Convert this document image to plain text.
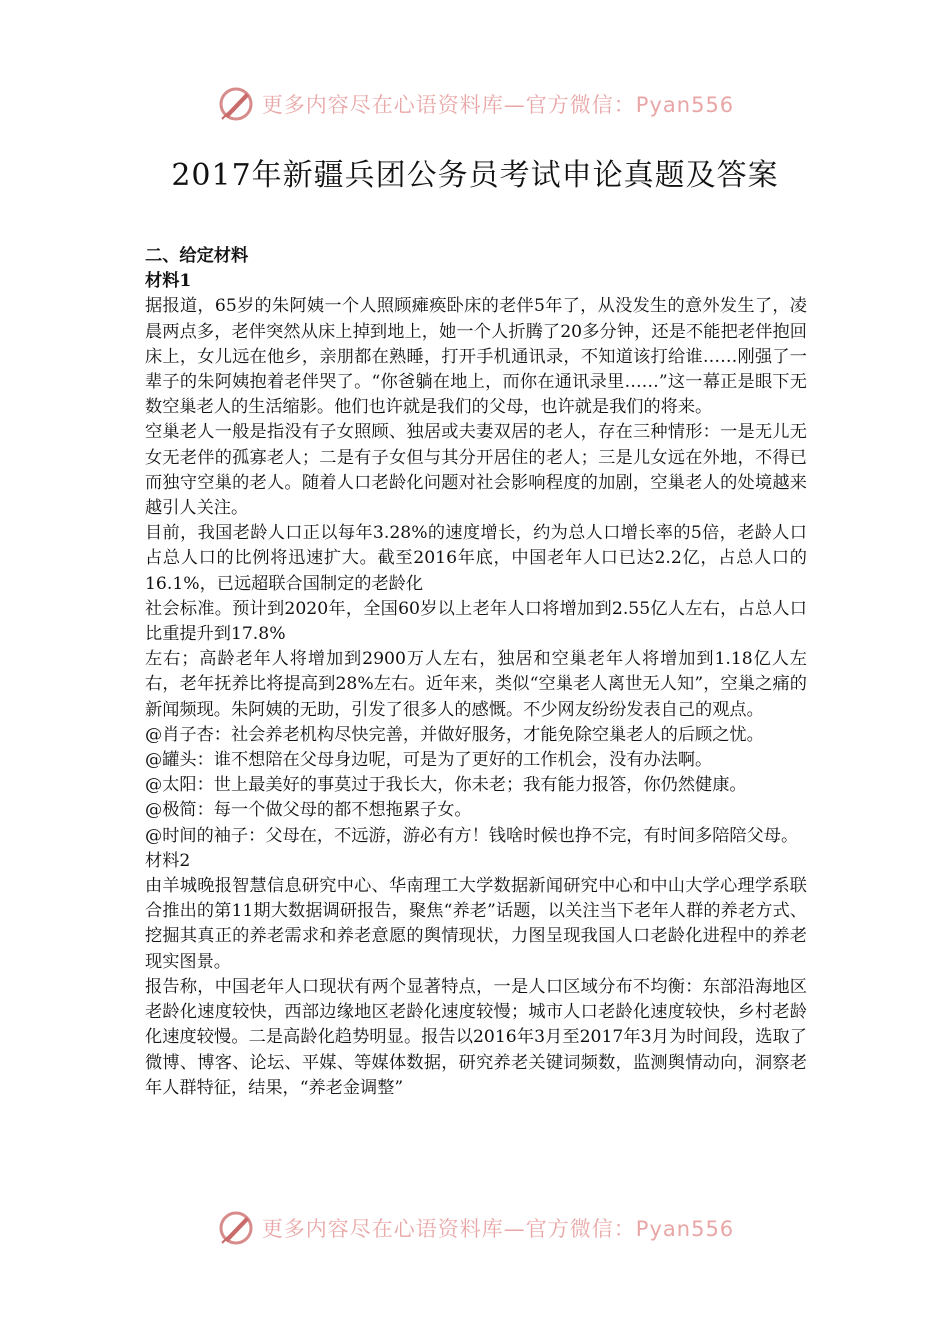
更多内容尽在心语资料库—官方微信：Pyan556
2017年新疆兵团公务员考试申论真题及答案

二、给定材料

材料1

据报道，65岁的朱阿姨一个人照顾瘫痪卧床的老伴5年了，从没发生的意外发生了，凌晨两点多，老伴突然从床上掉到地上，她一个人折腾了20多分钟，还是不能把老伴抱回床上，女儿远在他乡，亲朋都在熟睡，打开手机通讯录，不知道该打给谁……刚强了一辈子的朱阿姨抱着老伴哭了。“你爸躺在地上，而你在通讯录里……”这一幕正是眼下无数空巢老人的生活缩影。他们也许就是我们的父母，也许就是我们的将来。

空巢老人一般是指没有子女照顾、独居或夫妻双居的老人，存在三种情形：一是无儿无女无老伴的孤寡老人；二是有子女但与其分开居住的老人；三是儿女远在外地，不得已而独守空巢的老人。随着人口老龄化问题对社会影响程度的加剧，空巢老人的处境越来越引人关注。

目前，我国老龄人口正以每年3.28%的速度增长，约为总人口增长率的5倍，老龄人口占总人口的比例将迅速扩大。截至2016年底，中国老年人口已达2.2亿，占总人口的16.1%，已远超联合国制定的老龄化

社会标准。预计到2020年，全国60岁以上老年人口将增加到2.55亿人左右，占总人口比重提升到17.8%

左右；高龄老年人将增加到2900万人左右，独居和空巢老年人将增加到1.18亿人左右，老年抚养比将提高到28%左右。近年来，类似“空巢老人离世无人知”，空巢之痛的新闻频现。朱阿姨的无助，引发了很多人的感慨。不少网友纷纷发表自己的观点。

@肖子杏：社会养老机构尽快完善，并做好服务，才能免除空巢老人的后顾之忧。

@罐头：谁不想陪在父母身边呢，可是为了更好的工作机会，没有办法啊。

@太阳：世上最美好的事莫过于我长大，你未老；我有能力报答，你仍然健康。

@极简：每一个做父母的都不想拖累子女。

@时间的袖子：父母在，不远游，游必有方！钱啥时候也挣不完，有时间多陪陪父母。

材料2

由羊城晚报智慧信息研究中心、华南理工大学数据新闻研究中心和中山大学心理学系联合推出的第11期大数据调研报告，聚焦“养老”话题，以关注当下老年人群的养老方式、挖掘其真正的养老需求和养老意愿的舆情现状，力图呈现我国人口老龄化进程中的养老现实图景。

报告称，中国老年人口现状有两个显著特点，一是人口区域分布不均衡：东部沿海地区老龄化速度较快，西部边缘地区老龄化速度较慢；城市人口老龄化速度较快，乡村老龄化速度较慢。二是高龄化趋势明显。报告以2016年3月至2017年3月为时间段，选取了微博、博客、论坛、平媒、等媒体数据，研究养老关键词频数，监测舆情动向，洞察老年人群特征，结果，“养老金调整”

更多内容尽在心语资料库—官方微信：Pyan556
